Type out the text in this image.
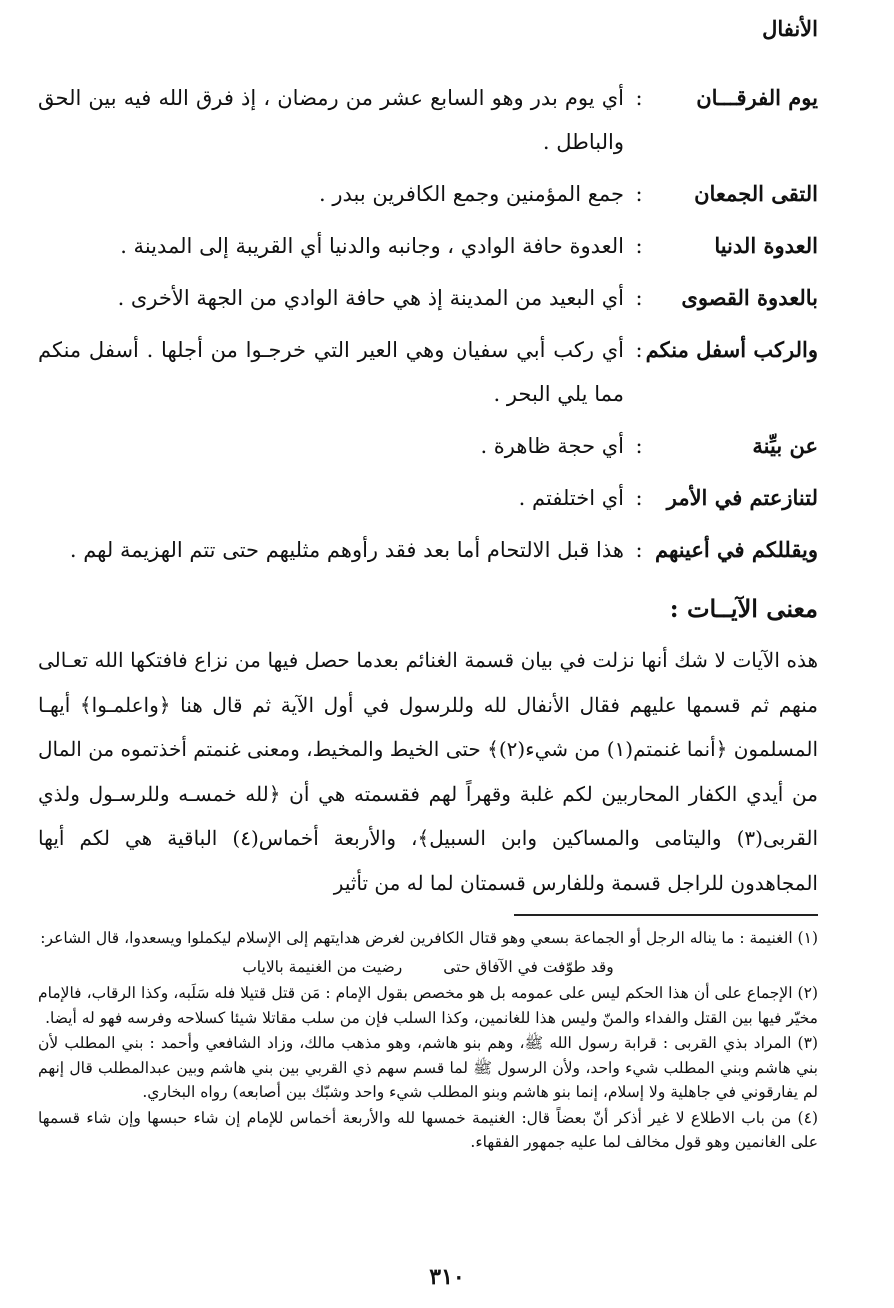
الأنفال
يوم الفرقـــان
:
أي يوم بدر وهو السابع عشر من رمضان ، إذ فرق الله فيه بين الحق والباطل .
التقى الجمعان
:
جمع المؤمنين وجمع الكافرين ببدر .
العدوة الدنيا
:
العدوة حافة الوادي ، وجانبه والدنيا أي القريبة إلى المدينة .
بالعدوة القصوى
:
أي البعيد من المدينة إذ هي حافة الوادي من الجهة الأخرى .
والركب أسفل منكم
:
أي ركب أبي سفيان وهي العير التي خرجـوا من أجلها . أسفل منكم مما يلي البحر .
عن بيِّنة
:
أي حجة ظاهرة .
لتنازعتم في الأمر
:
أي اختلفتم .
ويقللكم في أعينهم
:
هذا قبل الالتحام أما بعد فقد رأوهم مثليهم حتى تتم الهزيمة لهم .
معنى الآيــات :
هذه الآيات لا شك أنها نزلت في بيان قسمة الغنائم بعدما حصل فيها من نزاع فافتكها الله تعـالى منهم ثم قسمها عليهم فقال الأنفال لله وللرسول في أول الآية ثم قال هنا ﴿واعلمـوا﴾ أيهـا المسلمون ﴿أنما غنمتم(١) من شيء(٢)﴾ حتى الخيط والمخيط، ومعنى غنمتم أخذتموه من المال من أيدي الكفار المحاربين لكم غلبة وقهراً لهم فقسمته هي أن ﴿لله خمسـه وللرسـول ولذي القربى(٣) واليتامى والمساكين وابن السبيل﴾، والأربعة أخماس(٤) الباقية هي لكم أيها المجاهدون للراجل قسمة وللفارس قسمتان لما له من تأثير

(١) الغنيمة : ما يناله الرجل أو الجماعة بسعي وهو قتال الكافرين لغرض هدايتهم إلى الإسلام ليكملوا ويسعدوا، قال الشاعر:

وقد طوّفت في الآفاق حتى رضيت من الغنيمة بالاياب

(٢) الإجماع على أن هذا الحكم ليس على عمومه بل هو مخصص بقول الإمام : مَن قتل قتيلا فله سَلَبه، وكذا الرقاب، فالإمام مخيّر فيها بين القتل والفداء والمنّ وليس هذا للغانمين، وكذا السلب فإن من سلب مقاتلا شيئا كسلاحه وفرسه فهو له أيضا.

(٣) المراد بذي القربى : قرابة رسول الله ﷺ، وهم بنو هاشم، وهو مذهب مالك، وزاد الشافعي وأحمد : بني المطلب لأن بني هاشم وبني المطلب شيء واحد، ولأن الرسول ﷺ لما قسم سهم ذي القربي بين بني هاشم وبين عبدالمطلب قال إنهم لم يفارقوني في جاهلية ولا إسلام، إنما بنو هاشم وبنو المطلب شيء واحد وشبّك بين أصابعه) رواه البخاري.

(٤) من باب الاطلاع لا غير أذكر أنّ بعضاً قال: الغنيمة خمسها لله والأربعة أخماس للإمام إن شاء حبسها وإن شاء قسمها على الغانمين وهو قول مخالف لما عليه جمهور الفقهاء.

٣١٠
